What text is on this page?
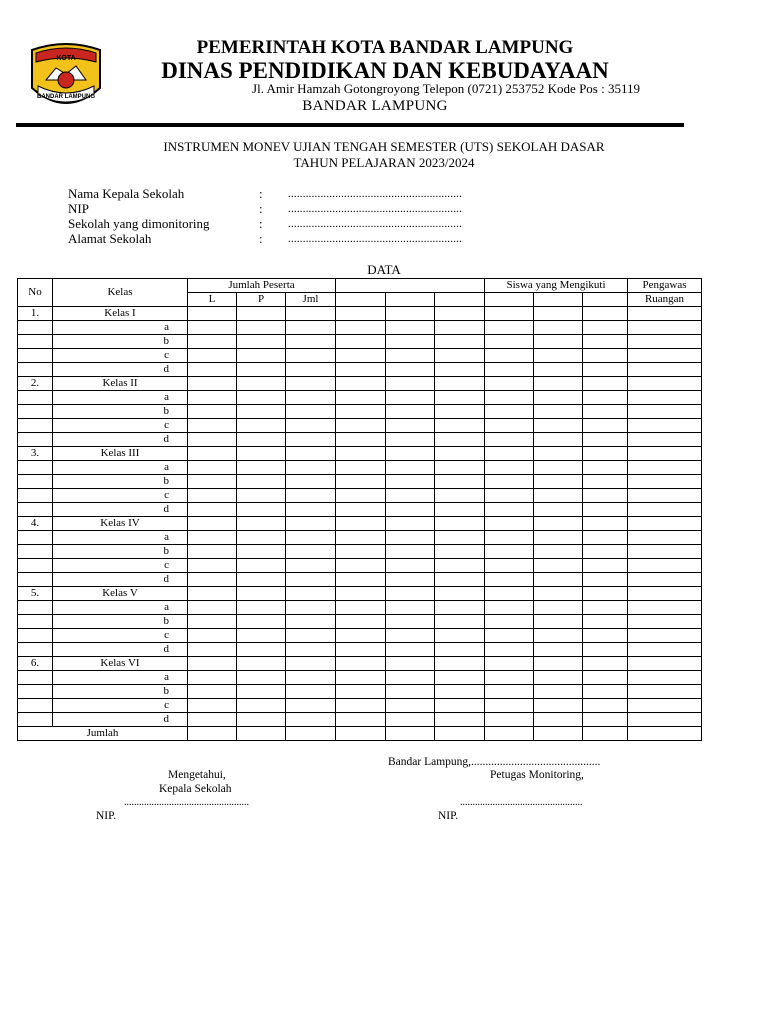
KOTA
BANDAR LAMPUNG
PEMERINTAH KOTA BANDAR LAMPUNG
DINAS PENDIDIKAN DAN KEBUDAYAAN
Jl. Amir Hamzah Gotongroyong Telepon (0721) 253752 Kode Pos : 35119
BANDAR LAMPUNG
INSTRUMEN MONEV UJIAN TENGAH SEMESTER (UTS) SEKOLAH DASAR
TAHUN PELAJARAN 2023/2024
Nama Kepala Sekolah	: ...........................................................
NIP	: ...........................................................
Sekolah yang dimonitoring	: ...........................................................
Alamat Sekolah	: ...........................................................
DATA
No	Kelas	Jumlah Peserta						Siswa yang Mengikuti			Pengawas
		L	P	Jml							Ruangan
1.	Kelas I										
	a										
	b										
	c										
	d										
2.	Kelas II										
	a										
	b										
	c										
	d										
3.	Kelas III										
	a										
	b										
	c										
	d										
4.	Kelas IV										
	a										
	b										
	c										
	d										
5.	Kelas V										
	a										
	b										
	c										
	d										
6.	Kelas VI										
	a										
	b										
	c										
	d										
Jumlah											
Bandar Lampung,.............................................
Mengetahui,	Petugas Monitoring,
Kepala Sekolah
..................................................	.................................................
NIP.	NIP.
